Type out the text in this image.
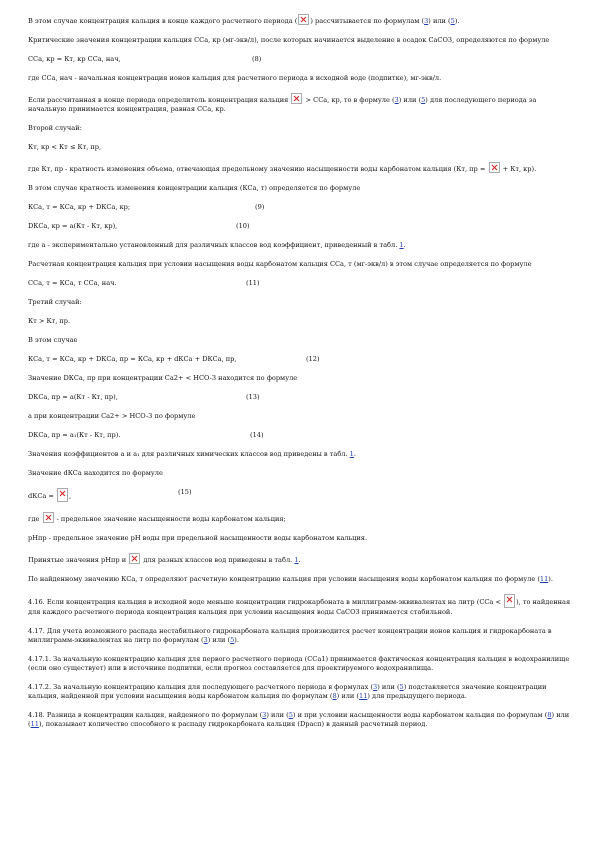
В этом случае концентрация кальция в конце каждого расчетного периода ( ) рассчитывается по формулам (3) или (5).

Критические значения концентрации кальция ССa, кр (мг-экв/л), после которых начинается выделение в осадок CaCO3, определяются по формуле

ССa, кр = Кт, кр ССa, нач,	(8)

где ССa, нач - начальная концентрация ионов кальция для расчетного периода в исходной воде (подпитке), мг-экв/л.

Если рассчитанная в конце периода определитель концентрация кальция  > ССa, кр, то в формуле (3) или (5) для последующего периода за начальную принимается концентрация, равная ССa, кр.

Второй случай:

Кт, кр < Кт ≤ Кт, пр,

где Кт, пр - кратность изменения объема, отвечающая предельному значению насыщенности воды карбонатом кальция (Кт, пр =  + Кт, кр).

В этом случае кратность изменения концентрации кальция (КСа, т) определяется по формуле

КСа, т = КСа, кр + DКСа, кр;	(9)
DКСа, кр = a(Кт - Кт, кр),	(10)

где а - экспериментально установленный для различных классов вод коэффициент, приведенный в табл. 1.

Расчетная концентрация кальция при условии насыщения воды карбонатом кальция ССa, т (мг-экв/л) в этом случае определяется по формуле

ССa, т = КСа, т ССa, нач.	(11)

Третий случай:

Кт > Кт, пр.

В этом случае

КСа, т = КСа, кр + DКСа, пр = КСа, кр + dКСа + DКСа, пр,	(12)

Значение DКСа, пр при концентрации Ca2+ < HCO-3 находится по формуле

DКСа, пр = a(Кт - Кт, пр),	(13)

а при концентрации Ca2+ > HCO-3 по формуле

DКСа, пр = a₁(Кт - Кт, пр).	(14)

Значения коэффициентов а и a₁ для различных химических классов вод приведены в табл. 1.

Значение dКСа находится по формуле

dКСа = ,	(15)

где  - предельное значение насыщенности воды карбонатом кальция;

pHпр - предельное значение рН воды при предельной насыщенности воды карбонатом кальция.

Принятые значения pHпр и  для разных классов вод приведены в табл. 1.

По найденному значению КСа, т определяют расчетную концентрацию кальция при условии насыщения воды карбонатом кальция по формуле (11).

4.16. Если концентрация кальция в исходной воде меньше концентрации гидрокарбоната в миллиграмм-эквивалентах на литр (ССa < ), то найденная для каждого расчетного периода концентрация кальция при условии насыщения воды CaCO3 принимается стабильной.

4.17. Для учета возможного распада нестабильного гидрокарбоната кальция производится расчет концентрации ионов кальция и гидрокарбоната в миллиграмм-эквивалентах на литр по формулам (3) или (5).

4.17.1. За начальную концентрацию кальция для первого расчетного периода (ССa1) принимается фактическая концентрация кальция в водохранилище (если оно существует) или в источнике подпитки, если прогноз составляется для проектируемого водохранилища.

4.17.2. За начальную концентрацию кальция для последующего расчетного периода в формулах (3) или (5) подставляется значение концентрации кальция, найденной при условии насыщения воды карбонатом кальция по формулам (8) или (11) для предыдущего периода.

4.18. Разница в концентрации кальция, найденного по формулам (3) или (5) и при условии насыщенности воды карбонатом кальция по формулам (8) или (11), показывает количество способного к распаду гидрокарбоната кальция (Dрасп) в данный расчетный период.
